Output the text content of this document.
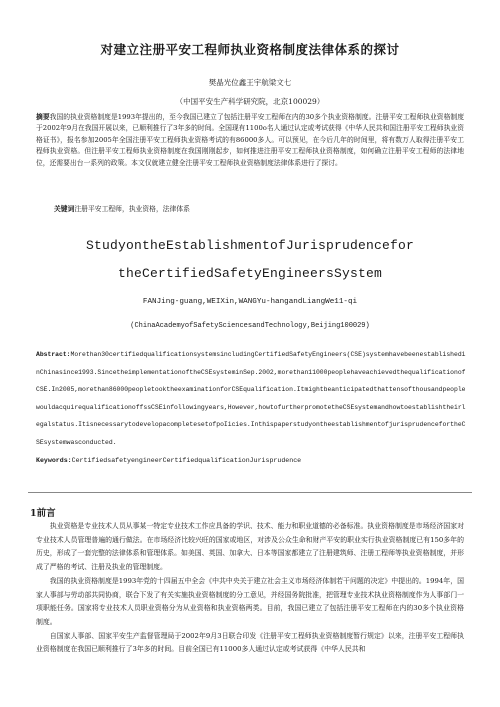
对建立注册平安工程师执业资格制度法律体系的探讨
樊晶光位鑫王宇航梁文七
（中国平安生产科学研究院，北京100029）
摘要我国的执业资格制度是1993年提出的，至今我国已建立了包括注册平安工程师在内的30多个执业资格制度。注册平安工程师执业资格制度于2002年9月在我国开展以来，已顺利推行了3年多的时间。全国现有1100o名人通过认定或考试获得《中华人民共和国注册平安工程师执业资格证书》，报名参加2005年全国注册平安工程师执业资格考试的有86000多人。可以预见，在今后几年的时间里，将有数万人取得注册平安工程师执业资格。但注册平安工程师执业资格制度在我国刚刚起步，如何推进注册平安工程师执业资格制度，如何确立注册平安工程师的法律地位，还需要出台一系列的政策。本文仅就建立健全注册平安工程师执业资格制度法律体系进行了探讨。
关键词注册平安工程师，执业资格，法律体系
StudyontheEstablishmentofJurisprudencefor
theCertifiedSafetyEngineersSystem
FANJing-guang,WEIXin,WANGYu-hangandLiangWe11-qi
(ChinaAcademyofSafetySciencesandTechnology,Beijing100029)
Abstract:Morethan30certifiedqualificationsystemsincludingCertifiedSafetyEngineers(CSE)systemhavebeenestablishedinChinasince1993.SincetheimplementationoftheCSEsysteminSep.2002,morethan11000peoplehaveachievedthequalificationofCSE.In2005,morethan86000peopletooktheexaminationforCSEqualification.ItmightbeanticipatedthattensofthousandpeoplewouldacquirequalificationoffssCSEinfollowingyears,However,howtofurtherpromotetheCSEsystemandhowtoestablishtheirlegalstatus.ItisnecessarytodevelopacompletesetofpoIicies.InthispaperstudyontheestablishmentofjurisprudencefortheCSEsystemwasconducted.
Keywords:CertifiedsafetyengineerCertifiedqualificationJurisprudence
1前言

执业资格是专业技术人员从事某一特定专业技术工作应具备的学识、技术、能力和职业道德的必备标准。执业资格制度是市场经济国家对专业技术人员管理普遍的通行做法。在市场经济比较兴旺的国家或地区，对涉及公众生命和财产平安的职业实行执业资格制度已有150多年的历史，形成了一套完整的法律体系和管理体系。如美国、英国、加拿大、日本等国家都建立了注册建筑师、注册工程师等执业资格制度，并形成了严格的考试、注册及执业的管理制度。

我国的执业资格制度是1993年党的十四届五中全会《中共中央关于建立社会主义市场经济体制若干问题的决定》中提出的。1994年，国家人事部与劳动部共同协商，联合下发了有关实施执业资格制度的分工意见，并经国务院批准，把管理专业技术执业资格制度作为人事部门一项职能任务。国家将专业技术人员职业资格分为从业资格和执业资格两类。目前，我国已建立了包括注册平安工程师在内的30多个执业资格制度。

自国家人事部、国家平安生产监督管理局于2002年9月3日联合印发《注册平安工程师执业资格制度暂行规定》以来，注册平安工程师执业资格制度在我国已顺利推行了3年多的时间。目前全国已有11000多人通过认定或考试获得《中华人民共和
